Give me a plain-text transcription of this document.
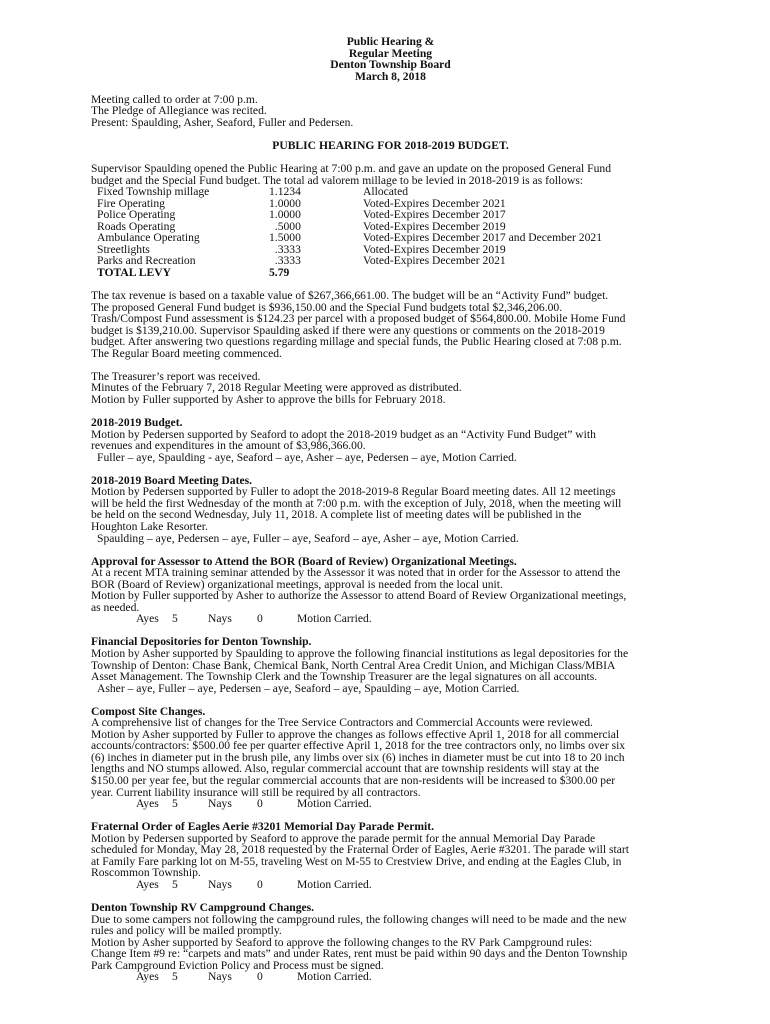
Public Hearing &
Regular Meeting
Denton Township Board
March 8, 2018
Meeting called to order at 7:00 p.m.
The Pledge of Allegiance was recited.
Present: Spaulding, Asher, Seaford, Fuller and Pedersen.
PUBLIC HEARING FOR 2018-2019 BUDGET.
Supervisor Spaulding opened the Public Hearing at 7:00 p.m. and gave an update on the proposed General Fund
budget and the Special Fund budget. The total ad valorem millage to be levied in 2018-2019 is as follows:
Fixed Township millage	1.1234	Allocated
Fire Operating	1.0000	Voted-Expires December 2021
Police Operating	1.0000	Voted-Expires December 2017
Roads Operating	.5000	Voted-Expires December 2019
Ambulance Operating	1.5000	Voted-Expires December 2017 and December 2021
Streetlights	.3333	Voted-Expires December 2019
Parks and Recreation	.3333	Voted-Expires December 2021
TOTAL LEVY	5.79	
The tax revenue is based on a taxable value of $267,366,661.00. The budget will be an “Activity Fund” budget.
The proposed General Fund budget is $936,150.00 and the Special Fund budgets total $2,346,206.00.
Trash/Compost Fund assessment is $124.23 per parcel with a proposed budget of $564,800.00. Mobile Home Fund
budget is $139,210.00. Supervisor Spaulding asked if there were any questions or comments on the 2018-2019
budget. After answering two questions regarding millage and special funds, the Public Hearing closed at 7:08 p.m.
The Regular Board meeting commenced.
The Treasurer’s report was received.
Minutes of the February 7, 2018 Regular Meeting were approved as distributed.
Motion by Fuller supported by Asher to approve the bills for February 2018.
2018-2019 Budget.
Motion by Pedersen supported by Seaford to adopt the 2018-2019 budget as an “Activity Fund Budget” with
revenues and expenditures in the amount of $3,986,366.00.
Fuller – aye, Spaulding - aye, Seaford – aye, Asher – aye, Pedersen – aye, Motion Carried.
2018-2019 Board Meeting Dates.
Motion by Pedersen supported by Fuller to adopt the 2018-2019-8 Regular Board meeting dates. All 12 meetings
will be held the first Wednesday of the month at 7:00 p.m. with the exception of July, 2018, when the meeting will
be held on the second Wednesday, July 11, 2018. A complete list of meeting dates will be published in the
Houghton Lake Resorter.
Spaulding – aye, Pedersen – aye, Fuller – aye, Seaford – aye, Asher – aye, Motion Carried.
Approval for Assessor to Attend the BOR (Board of Review) Organizational Meetings.
At a recent MTA training seminar attended by the Assessor it was noted that in order for the Assessor to attend the
BOR (Board of Review) organizational meetings, approval is needed from the local unit.
Motion by Fuller supported by Asher to authorize the Assessor to attend Board of Review Organizational meetings,
as needed.
Ayes 5	Nays 0	Motion Carried.
Financial Depositories for Denton Township.
Motion by Asher supported by Spaulding to approve the following financial institutions as legal depositories for the
Township of Denton: Chase Bank, Chemical Bank, North Central Area Credit Union, and Michigan Class/MBIA
Asset Management. The Township Clerk and the Township Treasurer are the legal signatures on all accounts.
Asher – aye, Fuller – aye, Pedersen – aye, Seaford – aye, Spaulding – aye, Motion Carried.
Compost Site Changes.
A comprehensive list of changes for the Tree Service Contractors and Commercial Accounts were reviewed.
Motion by Asher supported by Fuller to approve the changes as follows effective April 1, 2018 for all commercial
accounts/contractors: $500.00 fee per quarter effective April 1, 2018 for the tree contractors only, no limbs over six
(6) inches in diameter put in the brush pile, any limbs over six (6) inches in diameter must be cut into 18 to 20 inch
lengths and NO stumps allowed. Also, regular commercial account that are township residents will stay at the
$150.00 per year fee, but the regular commercial accounts that are non-residents will be increased to $300.00 per
year. Current liability insurance will still be required by all contractors.
Ayes 5	Nays 0	Motion Carried.
Fraternal Order of Eagles Aerie #3201 Memorial Day Parade Permit.
Motion by Pedersen supported by Seaford to approve the parade permit for the annual Memorial Day Parade
scheduled for Monday, May 28, 2018 requested by the Fraternal Order of Eagles, Aerie #3201. The parade will start
at Family Fare parking lot on M-55, traveling West on M-55 to Crestview Drive, and ending at the Eagles Club, in
Roscommon Township.
Ayes 5	Nays 0	Motion Carried.
Denton Township RV Campground Changes.
Due to some campers not following the campground rules, the following changes will need to be made and the new
rules and policy will be mailed promptly.
Motion by Asher supported by Seaford to approve the following changes to the RV Park Campground rules:
Change Item #9 re: “carpets and mats” and under Rates, rent must be paid within 90 days and the Denton Township
Park Campground Eviction Policy and Process must be signed.
Ayes 5	Nays 0	Motion Carried.
